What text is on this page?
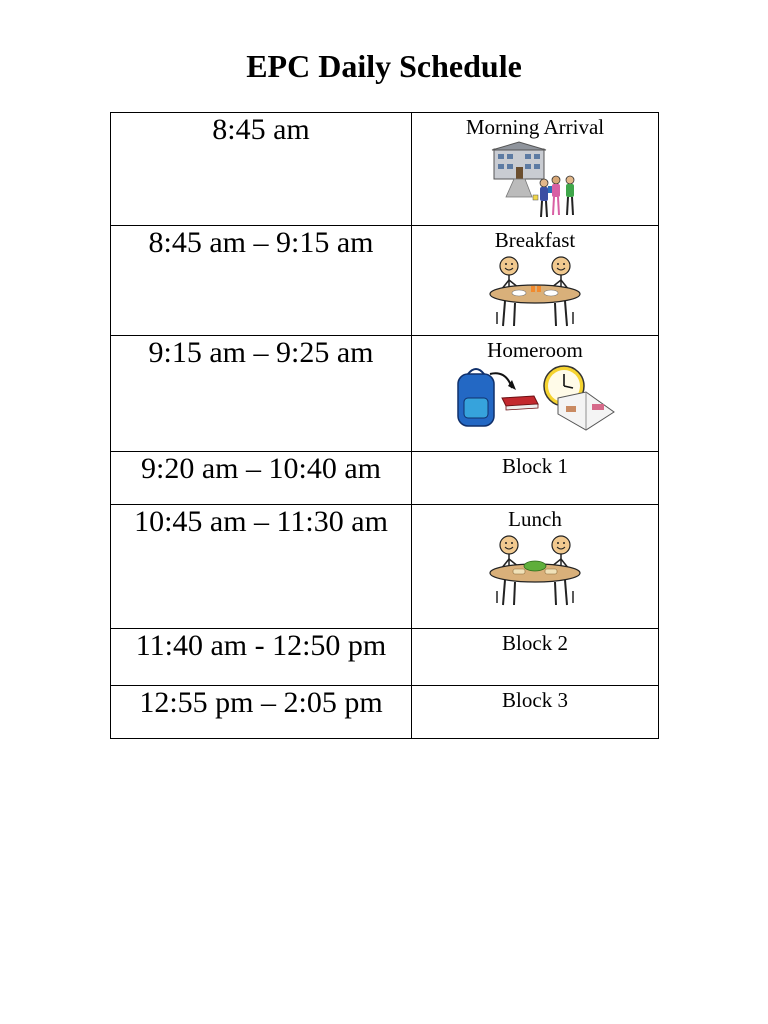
EPC Daily Schedule
8:45 am	Morning Arrival

8:45 am – 9:15 am	Breakfast

9:15 am – 9:25 am	Homeroom

9:20 am – 10:40 am	Block 1

10:45 am – 11:30 am	Lunch

11:40 am - 12:50 pm	Block 2

12:55 pm – 2:05 pm	Block 3
